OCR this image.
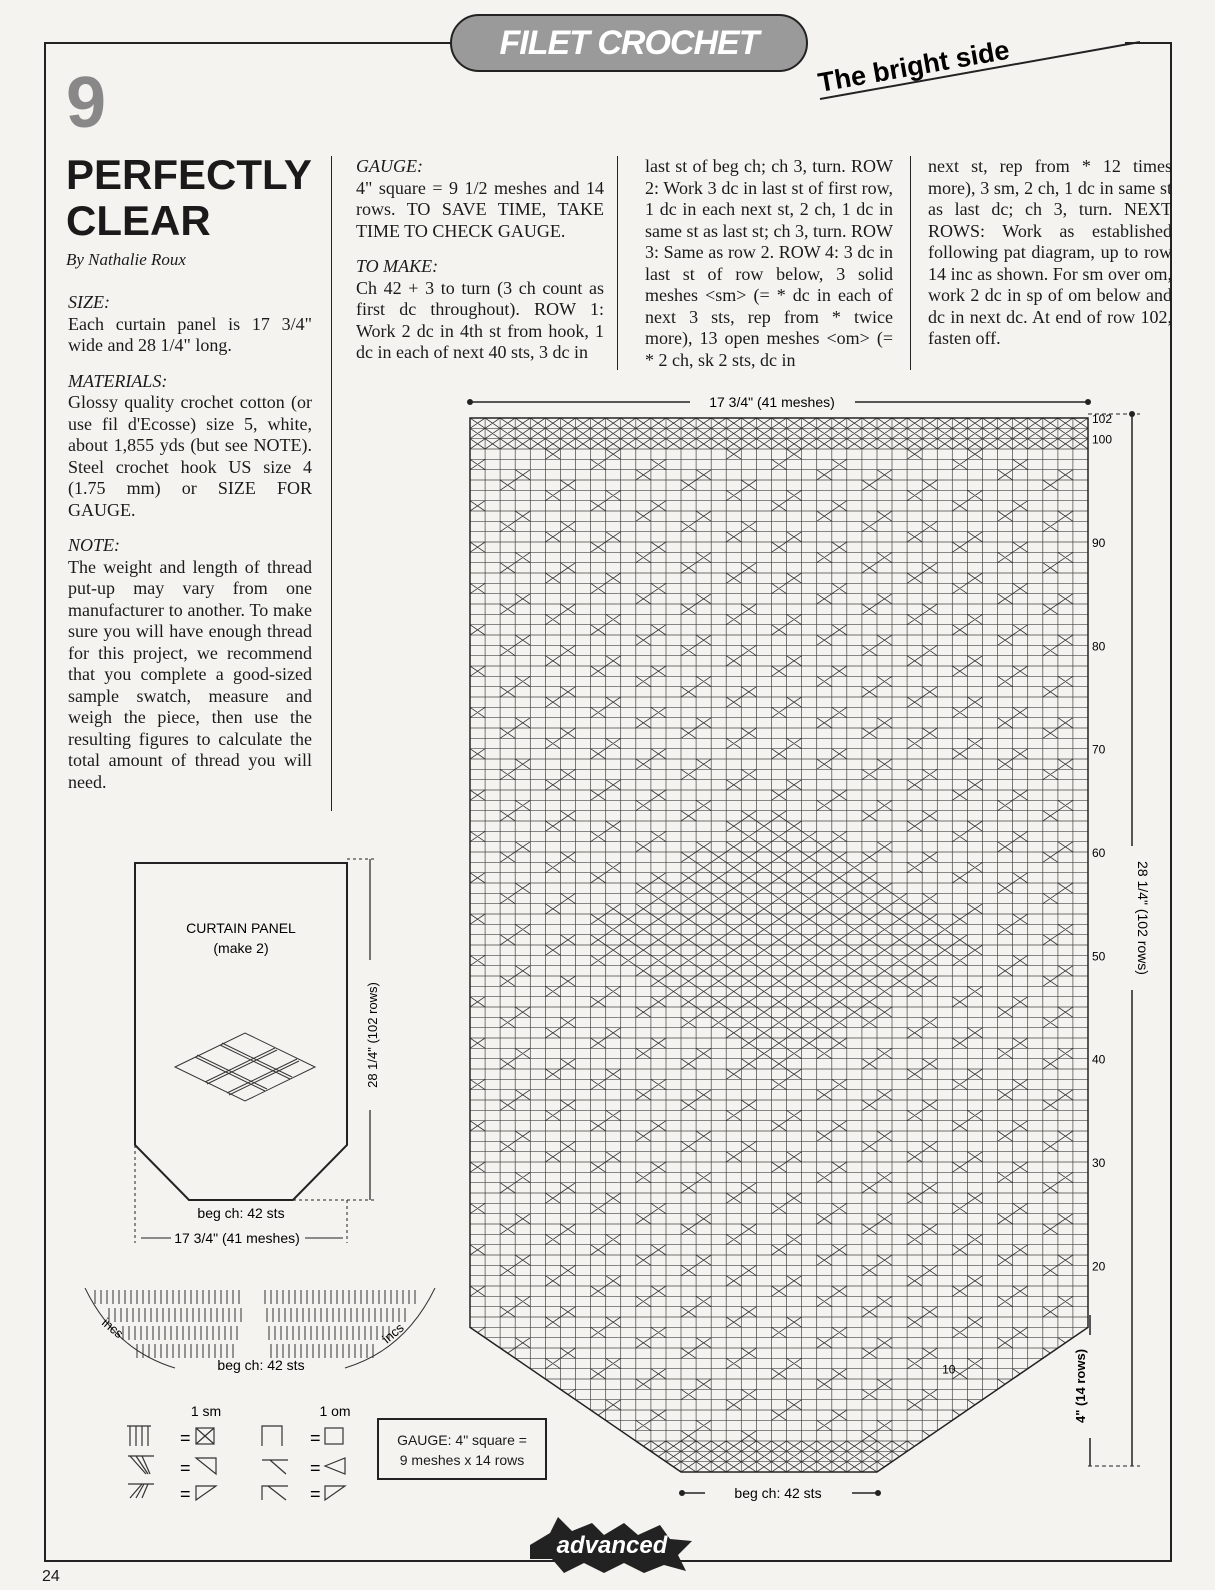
FILET CROCHET	The bright side
9
PERFECTLY
CLEAR
By Nathalie Roux

SIZE:
Each curtain panel is 17 3/4" wide and 28 1/4" long.

MATERIALS:
Glossy quality crochet cotton (or use fil d'Ecosse) size 5, white, about 1,855 yds (but see NOTE). Steel crochet hook US size 4 (1.75 mm) or SIZE FOR GAUGE.

NOTE:
The weight and length of thread put-up may vary from one manufacturer to another. To make sure you will have enough thread for this project, we recommend that you complete a good-sized sample swatch, measure and weigh the piece, then use the resulting figures to calculate the total amount of thread you will need.

GAUGE:
4" square = 9 1/2 meshes and 14 rows. TO SAVE TIME, TAKE TIME TO CHECK GAUGE.

TO MAKE:
Ch 42 + 3 to turn (3 ch count as first dc throughout). ROW 1: Work 2 dc in 4th st from hook, 1 dc in each of next 40 sts, 3 dc in

last st of beg ch; ch 3, turn. ROW 2: Work 3 dc in last st of first row, 1 dc in each next st, 2 ch, 1 dc in same st as last st; ch 3, turn. ROW 3: Same as row 2. ROW 4: 3 dc in last st of row below, 3 solid meshes <sm> (= * dc in each of next 3 sts, rep from * twice more), 13 open meshes <om> (= * 2 ch, sk 2 sts, dc in
next st, rep from * 12 times more), 3 sm, 2 ch, 1 dc in same st as last dc; ch 3, turn. NEXT ROWS: Work as established following pat diagram, up to row 14 inc as shown. For sm over om, work 2 dc in sp of om below and dc in next dc. At end of row 102, fasten off.
17 3/4" (41 meshes)
28 1/4" (102 rows)
4" (14 rows)
beg ch: 42 sts
102
100
90
80
70
60
50
40
30
20
10
CURTAIN PANEL
(make 2)
28 1/4" (102 rows)
beg ch: 42 sts
17 3/4" (41 meshes)
incs	incs
beg ch: 42 sts
1 sm	1 om
=	=
=	=
=	=
GAUGE: 4" square =
9 meshes x 14 rows
24
advanced
